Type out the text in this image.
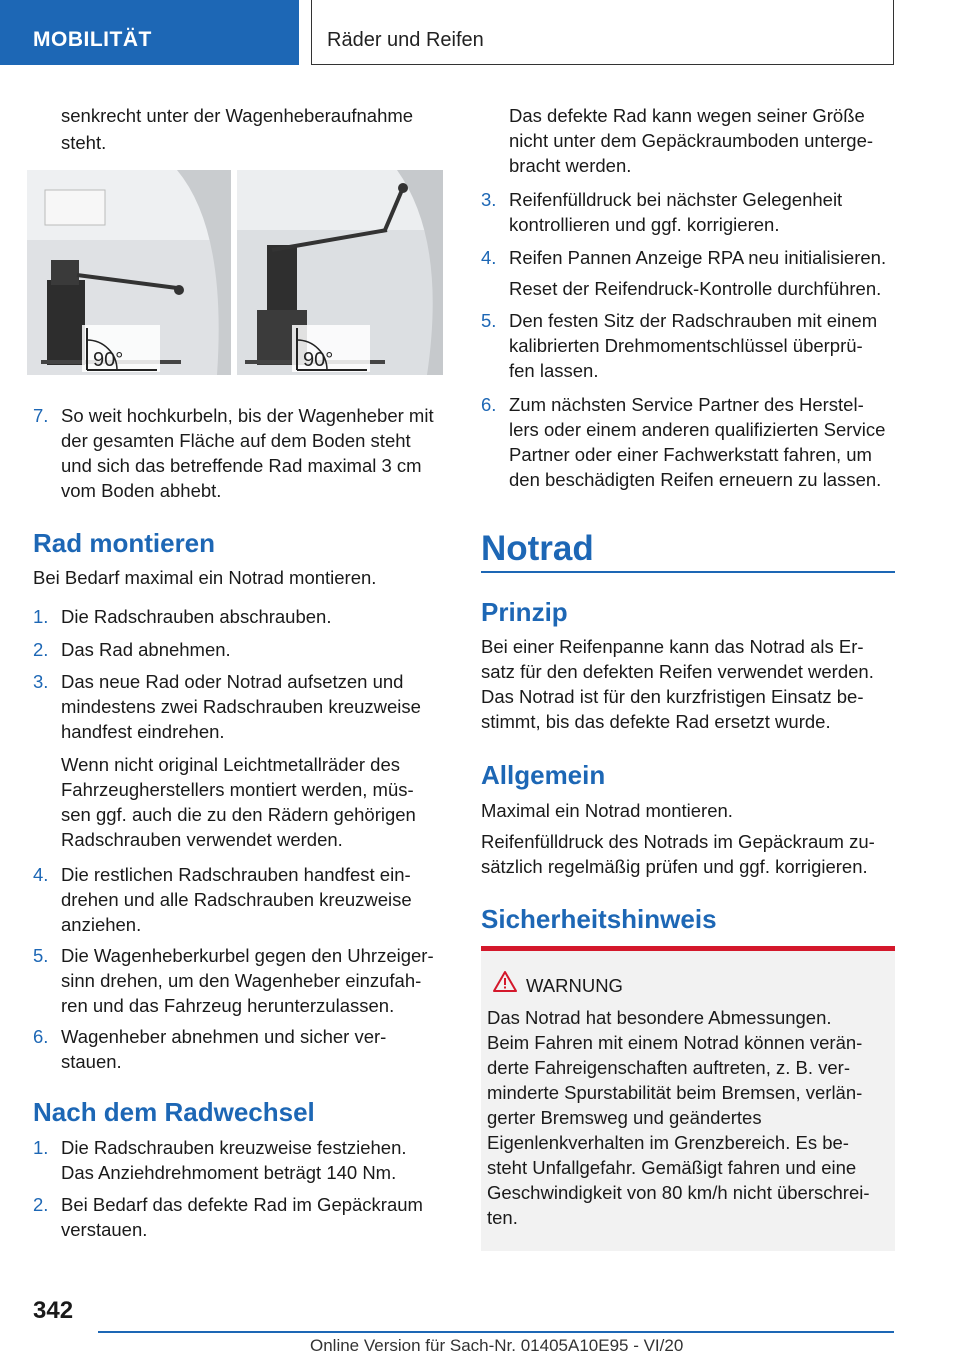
MOBILITÄT	Räder und Reifen
senkrecht unter der Wagenheberaufnahme
steht.
90°	90°
7. So weit hochkurbeln, bis der Wagenheber mit
der gesamten Fläche auf dem Boden steht
und sich das betreffende Rad maximal 3 cm
vom Boden abhebt.
Rad montieren
Bei Bedarf maximal ein Notrad montieren.
1. Die Radschrauben abschrauben.
2. Das Rad abnehmen.
3. Das neue Rad oder Notrad aufsetzen und
mindestens zwei Radschrauben kreuzweise
handfest eindrehen.
Wenn nicht original Leichtmetallräder des
Fahrzeugherstellers montiert werden, müs-
sen ggf. auch die zu den Rädern gehörigen
Radschrauben verwendet werden.
4. Die restlichen Radschrauben handfest ein-
drehen und alle Radschrauben kreuzweise
anziehen.
5. Die Wagenheberkurbel gegen den Uhrzeiger-
sinn drehen, um den Wagenheber einzufah-
ren und das Fahrzeug herunterzulassen.
6. Wagenheber abnehmen und sicher ver-
stauen.
Nach dem Radwechsel
1. Die Radschrauben kreuzweise festziehen.
Das Anziehdrehmoment beträgt 140 Nm.
2. Bei Bedarf das defekte Rad im Gepäckraum
verstauen.
Das defekte Rad kann wegen seiner Größe
nicht unter dem Gepäckraumboden unterge-
bracht werden.
3. Reifenfülldruck bei nächster Gelegenheit
kontrollieren und ggf. korrigieren.
4. Reifen Pannen Anzeige RPA neu initialisieren.
Reset der Reifendruck-Kontrolle durchführen.
5. Den festen Sitz der Radschrauben mit einem
kalibrierten Drehmomentschlüssel überprü-
fen lassen.
6. Zum nächsten Service Partner des Herstel-
lers oder einem anderen qualifizierten Service
Partner oder einer Fachwerkstatt fahren, um
den beschädigten Reifen erneuern zu lassen.
Notrad
Prinzip
Bei einer Reifenpanne kann das Notrad als Er-
satz für den defekten Reifen verwendet werden.
Das Notrad ist für den kurzfristigen Einsatz be-
stimmt, bis das defekte Rad ersetzt wurde.
Allgemein
Maximal ein Notrad montieren.
Reifenfülldruck des Notrads im Gepäckraum zu-
sätzlich regelmäßig prüfen und ggf. korrigieren.
Sicherheitshinweis
WARNUNG
Das Notrad hat besondere Abmessungen.
Beim Fahren mit einem Notrad können verän-
derte Fahreigenschaften auftreten, z. B. ver-
minderte Spurstabilität beim Bremsen, verlän-
gerter Bremsweg und geändertes
Eigenlenkverhalten im Grenzbereich. Es be-
steht Unfallgefahr. Gemäßigt fahren und eine
Geschwindigkeit von 80 km/h nicht überschrei-
ten.
342
Online Version für Sach-Nr. 01405A10E95 - VI/20
